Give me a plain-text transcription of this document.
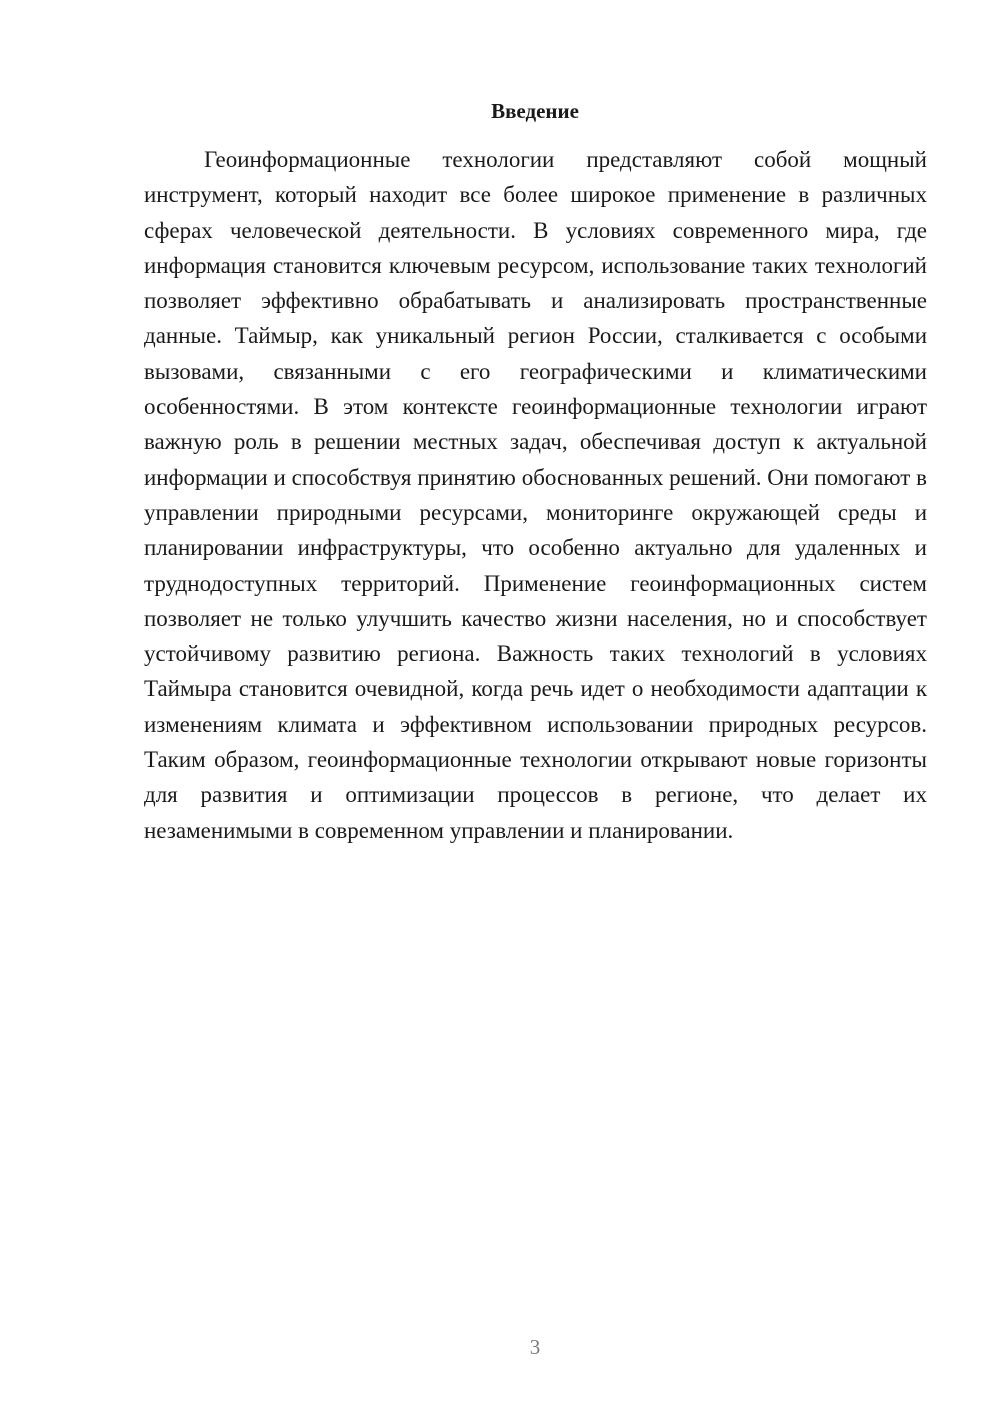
Введение

Геоинформационные технологии представляют собой мощный инструмент, который находит все более широкое применение в различных сферах человеческой деятельности. В условиях современного мира, где информация становится ключевым ресурсом, использование таких технологий позволяет эффективно обрабатывать и анализировать пространственные данные. Таймыр, как уникальный регион России, сталкивается с особыми вызовами, связанными с его географическими и климатическими особенностями. В этом контексте геоинформационные технологии играют важную роль в решении местных задач, обеспечивая доступ к актуальной информации и способствуя принятию обоснованных решений. Они помогают в управлении природными ресурсами, мониторинге окружающей среды и планировании инфраструктуры, что особенно актуально для удаленных и труднодоступных территорий. Применение геоинформационных систем позволяет не только улучшить качество жизни населения, но и способствует устойчивому развитию региона. Важность таких технологий в условиях Таймыра становится очевидной, когда речь идет о необходимости адаптации к изменениям климата и эффективном использовании природных ресурсов. Таким образом, геоинформационные технологии открывают новые горизонты для развития и оптимизации процессов в регионе, что делает их незаменимыми в современном управлении и планировании.

3
